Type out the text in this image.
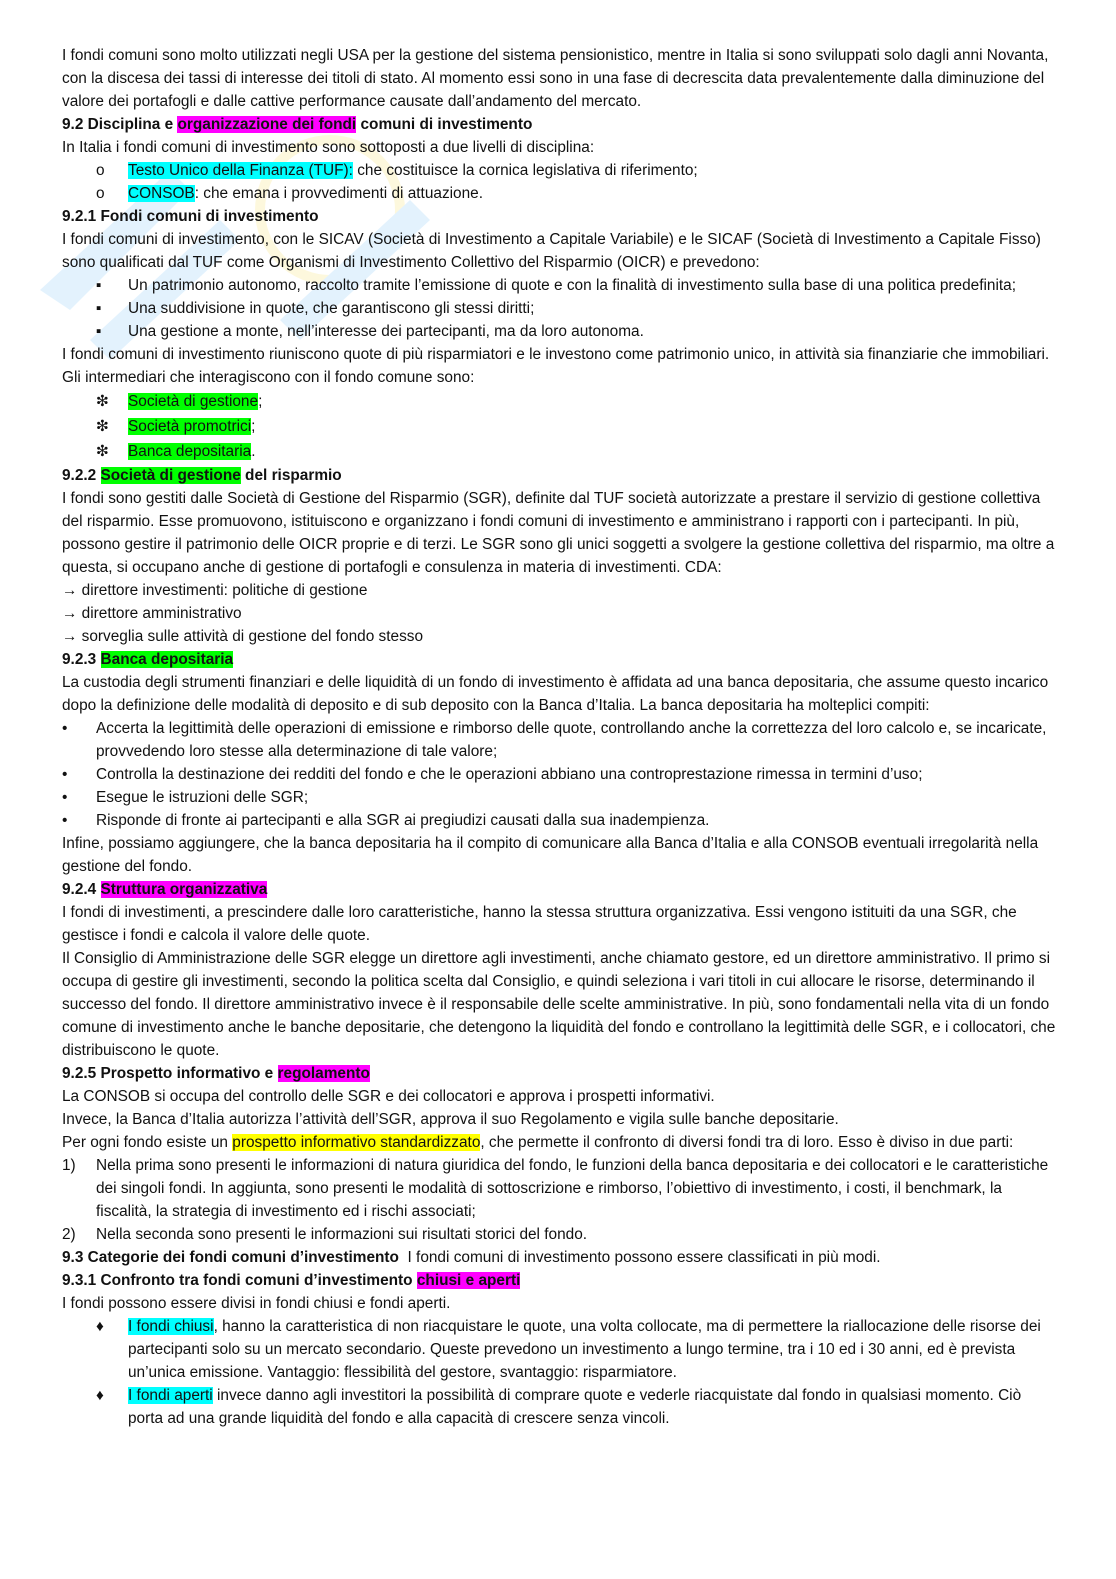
I fondi comuni sono molto utilizzati negli USA per la gestione del sistema pensionistico, mentre in Italia si sono sviluppati solo dagli anni Novanta, con la discesa dei tassi di interesse dei titoli di stato. Al momento essi sono in una fase di decrescita data prevalentemente dalla diminuzione del valore dei portafogli e dalle cattive performance causate dall’andamento del mercato.

9.2 Disciplina e organizzazione dei fondi comuni di investimento

In Italia i fondi comuni di investimento sono sottoposti a due livelli di disciplina:

o Testo Unico della Finanza (TUF): che costituisce la cornica legislativa di riferimento;
o CONSOB: che emana i provvedimenti di attuazione.
9.2.1 Fondi comuni di investimento

I fondi comuni di investimento, con le SICAV (Società di Investimento a Capitale Variabile) e le SICAF (Società di Investimento a Capitale Fisso) sono qualificati dal TUF come Organismi di Investimento Collettivo del Risparmio (OICR) e prevedono:

▪ Un patrimonio autonomo, raccolto tramite l’emissione di quote e con la finalità di investimento sulla base di una politica predefinita;
▪ Una suddivisione in quote, che garantiscono gli stessi diritti;
▪ Una gestione a monte, nell’interesse dei partecipanti, ma da loro autonoma.

I fondi comuni di investimento riuniscono quote di più risparmiatori e le investono come patrimonio unico, in attività sia finanziarie che immobiliari. Gli intermediari che interagiscono con il fondo comune sono:

❇ Società di gestione;
❇ Società promotrici;
❇ Banca depositaria.
9.2.2 Società di gestione del risparmio

I fondi sono gestiti dalle Società di Gestione del Risparmio (SGR), definite dal TUF società autorizzate a prestare il servizio di gestione collettiva del risparmio. Esse promuovono, istituiscono e organizzano i fondi comuni di investimento e amministrano i rapporti con i partecipanti. In più, possono gestire il patrimonio delle OICR proprie e di terzi. Le SGR sono gli unici soggetti a svolgere la gestione collettiva del risparmio, ma oltre a questa, si occupano anche di gestione di portafogli e consulenza in materia di investimenti. CDA:

→ direttore investimenti: politiche di gestione
→ direttore amministrativo
→ sorveglia sulle attività di gestione del fondo stesso
9.2.3 Banca depositaria

La custodia degli strumenti finanziari e delle liquidità di un fondo di investimento è affidata ad una banca depositaria, che assume questo incarico dopo la definizione delle modalità di deposito e di sub deposito con la Banca d’Italia. La banca depositaria ha molteplici compiti:

• Accerta la legittimità delle operazioni di emissione e rimborso delle quote, controllando anche la correttezza del loro calcolo e, se incaricate, provvedendo loro stesse alla determinazione di tale valore;
• Controlla la destinazione dei redditi del fondo e che le operazioni abbiano una controprestazione rimessa in termini d’uso;
• Esegue le istruzioni delle SGR;
• Risponde di fronte ai partecipanti e alla SGR ai pregiudizi causati dalla sua inadempienza.

Infine, possiamo aggiungere, che la banca depositaria ha il compito di comunicare alla Banca d’Italia e alla CONSOB eventuali irregolarità nella gestione del fondo.

9.2.4 Struttura organizzativa

I fondi di investimenti, a prescindere dalle loro caratteristiche, hanno la stessa struttura organizzativa. Essi vengono istituiti da una SGR, che gestisce i fondi e calcola il valore delle quote.

Il Consiglio di Amministrazione delle SGR elegge un direttore agli investimenti, anche chiamato gestore, ed un direttore amministrativo. Il primo si occupa di gestire gli investimenti, secondo la politica scelta dal Consiglio, e quindi seleziona i vari titoli in cui allocare le risorse, determinando il successo del fondo. Il direttore amministrativo invece è il responsabile delle scelte amministrative. In più, sono fondamentali nella vita di un fondo comune di investimento anche le banche depositarie, che detengono la liquidità del fondo e controllano la legittimità delle SGR, e i collocatori, che distribuiscono le quote.

9.2.5 Prospetto informativo e regolamento

La CONSOB si occupa del controllo delle SGR e dei collocatori e approva i prospetti informativi.

Invece, la Banca d’Italia autorizza l’attività dell’SGR, approva il suo Regolamento e vigila sulle banche depositarie.

Per ogni fondo esiste un prospetto informativo standardizzato, che permette il confronto di diversi fondi tra di loro. Esso è diviso in due parti:

1) Nella prima sono presenti le informazioni di natura giuridica del fondo, le funzioni della banca depositaria e dei collocatori e le caratteristiche dei singoli fondi. In aggiunta, sono presenti le modalità di sottoscrizione e rimborso, l’obiettivo di investimento, i costi, il benchmark, la fiscalità, la strategia di investimento ed i rischi associati;
2) Nella seconda sono presenti le informazioni sui risultati storici del fondo.

9.3 Categorie dei fondi comuni d’investimento  I fondi comuni di investimento possono essere classificati in più modi.

9.3.1 Confronto tra fondi comuni d’investimento chiusi e aperti

I fondi possono essere divisi in fondi chiusi e fondi aperti.

♦ I fondi chiusi, hanno la caratteristica di non riacquistare le quote, una volta collocate, ma di permettere la riallocazione delle risorse dei partecipanti solo su un mercato secondario. Queste prevedono un investimento a lungo termine, tra i 10 ed i 30 anni, ed è prevista un’unica emissione. Vantaggio: flessibilità del gestore, svantaggio: risparmiatore.
♦ I fondi aperti invece danno agli investitori la possibilità di comprare quote e vederle riacquistate dal fondo in qualsiasi momento. Ciò porta ad una grande liquidità del fondo e alla capacità di crescere senza vincoli.
